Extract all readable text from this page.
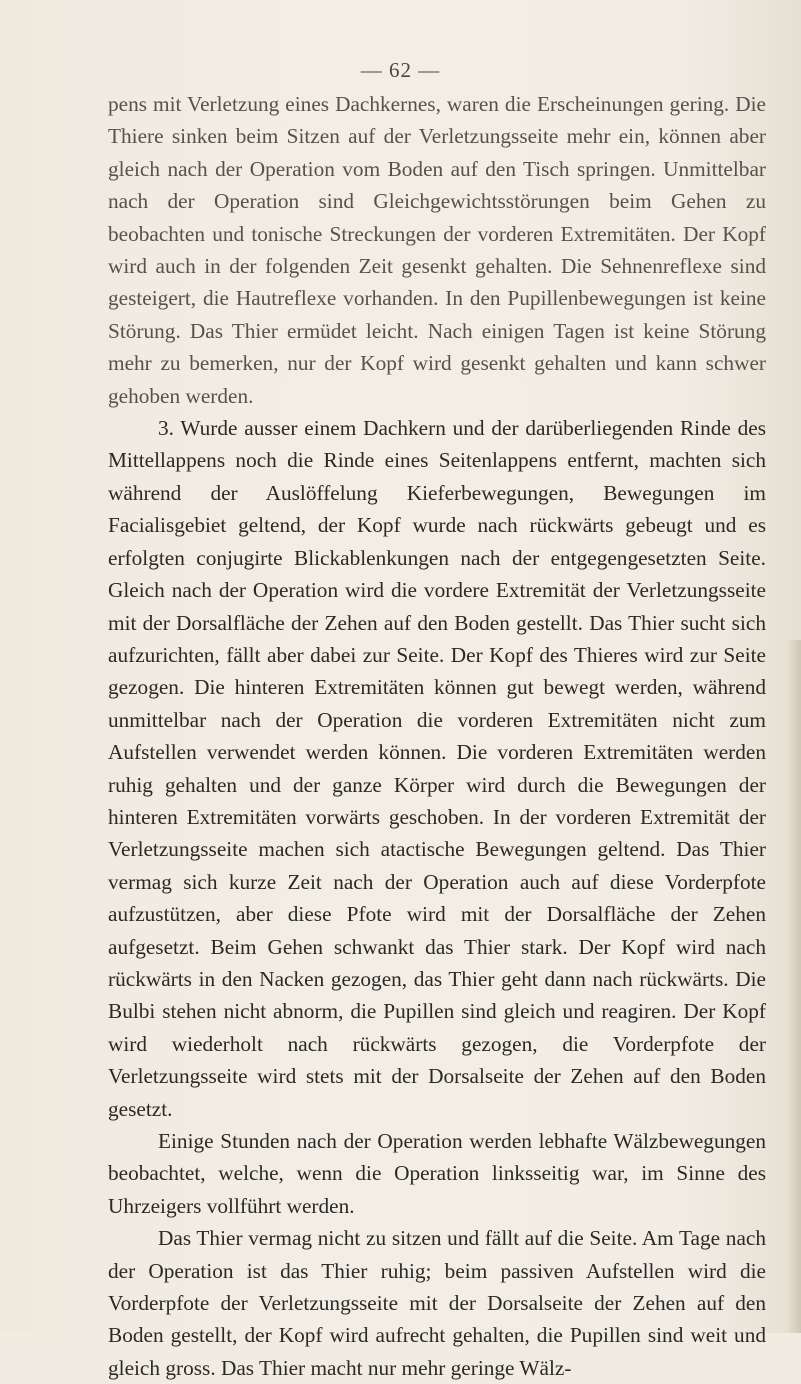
— 62 —

pens mit Verletzung eines Dachkernes, waren die Erscheinungen gering. Die Thiere sinken beim Sitzen auf der Verletzungsseite mehr ein, können aber gleich nach der Operation vom Boden auf den Tisch springen. Unmittelbar nach der Operation sind Gleichgewichtsstörungen beim Gehen zu beobachten und tonische Streckungen der vorderen Extremitäten. Der Kopf wird auch in der folgenden Zeit gesenkt gehalten. Die Sehnenreflexe sind gesteigert, die Hautreflexe vorhanden. In den Pupillenbewegungen ist keine Störung. Das Thier ermüdet leicht. Nach einigen Tagen ist keine Störung mehr zu bemerken, nur der Kopf wird gesenkt gehalten und kann schwer gehoben werden.

3. Wurde ausser einem Dachkern und der darüberliegenden Rinde des Mittellappens noch die Rinde eines Seitenlappens entfernt, machten sich während der Auslöffelung Kieferbewegungen, Bewegungen im Facialisgebiet geltend, der Kopf wurde nach rückwärts gebeugt und es erfolgten conjugirte Blickablenkungen nach der entgegengesetzten Seite. Gleich nach der Operation wird die vordere Extremität der Verletzungsseite mit der Dorsalfläche der Zehen auf den Boden gestellt. Das Thier sucht sich aufzurichten, fällt aber dabei zur Seite. Der Kopf des Thieres wird zur Seite gezogen. Die hinteren Extremitäten können gut bewegt werden, während unmittelbar nach der Operation die vorderen Extremitäten nicht zum Aufstellen verwendet werden können. Die vorderen Extremitäten werden ruhig gehalten und der ganze Körper wird durch die Bewegungen der hinteren Extremitäten vorwärts geschoben. In der vorderen Extremität der Verletzungsseite machen sich atactische Bewegungen geltend. Das Thier vermag sich kurze Zeit nach der Operation auch auf diese Vorderpfote aufzustützen, aber diese Pfote wird mit der Dorsalfläche der Zehen aufgesetzt. Beim Gehen schwankt das Thier stark. Der Kopf wird nach rückwärts in den Nacken gezogen, das Thier geht dann nach rückwärts. Die Bulbi stehen nicht abnorm, die Pupillen sind gleich und reagiren. Der Kopf wird wiederholt nach rückwärts gezogen, die Vorderpfote der Verletzungsseite wird stets mit der Dorsalseite der Zehen auf den Boden gesetzt.

Einige Stunden nach der Operation werden lebhafte Wälzbewegungen beobachtet, welche, wenn die Operation linksseitig war, im Sinne des Uhrzeigers vollführt werden.

Das Thier vermag nicht zu sitzen und fällt auf die Seite. Am Tage nach der Operation ist das Thier ruhig; beim passiven Aufstellen wird die Vorderpfote der Verletzungsseite mit der Dorsalseite der Zehen auf den Boden gestellt, der Kopf wird aufrecht gehalten, die Pupillen sind weit und gleich gross. Das Thier macht nur mehr geringe Wälz-
